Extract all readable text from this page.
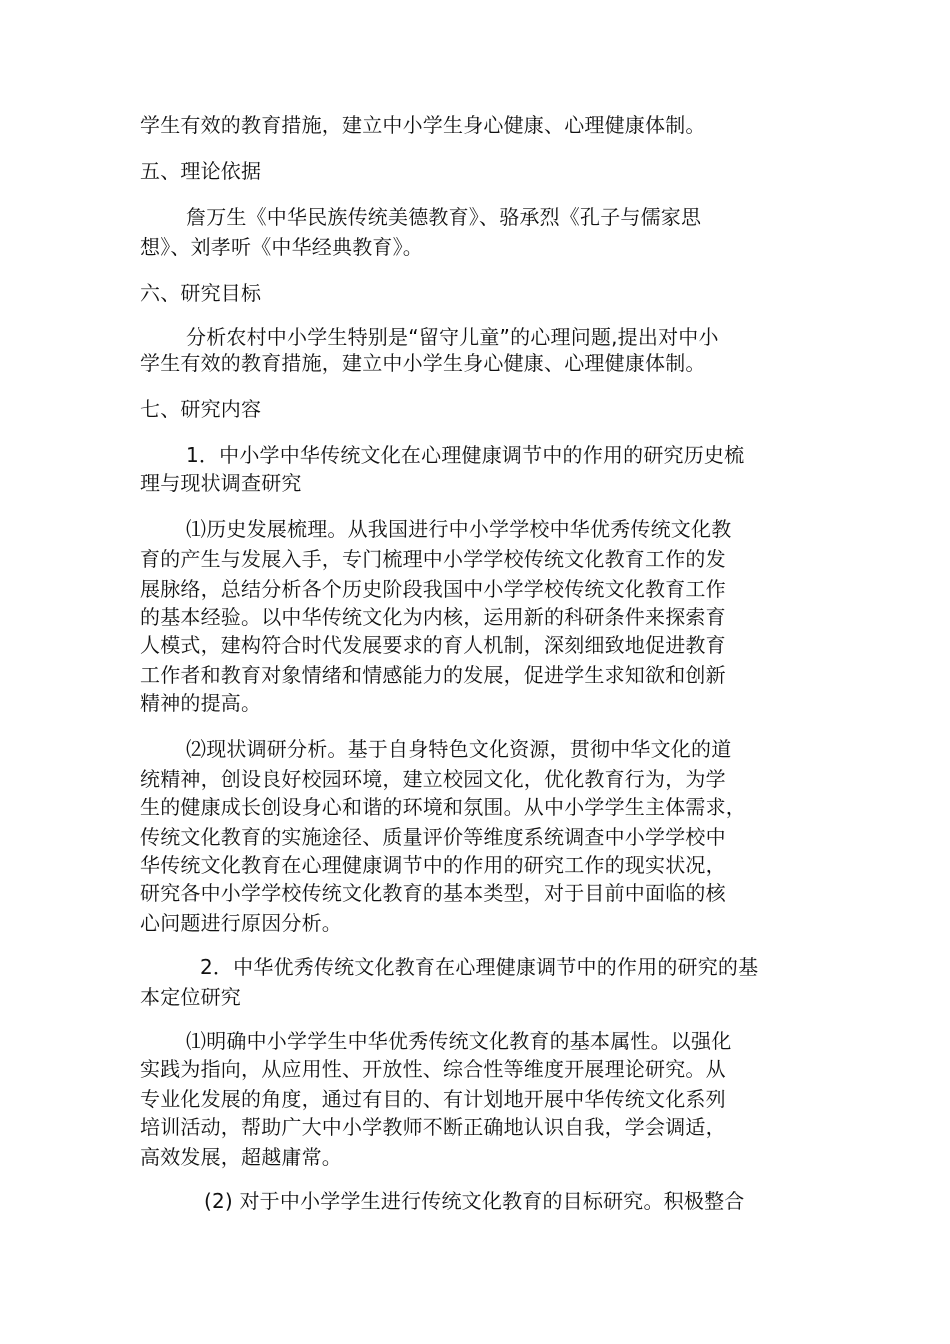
学生有效的教育措施，建立中小学生身心健康、心理健康体制。
五、理论依据
詹万生《中华民族传统美德教育》、骆承烈《孔子与儒家思
想》、刘孝听《中华经典教育》。
六、研究目标
分析农村中小学生特别是“留守儿童”的心理问题,提出对中小
学生有效的教育措施，建立中小学生身心健康、心理健康体制。
七、研究内容
1．中小学中华传统文化在心理健康调节中的作用的研究历史梳
理与现状调查研究
⑴历史发展梳理。从我国进行中小学学校中华优秀传统文化教
育的产生与发展入手，专门梳理中小学学校传统文化教育工作的发
展脉络，总结分析各个历史阶段我国中小学学校传统文化教育工作
的基本经验。以中华传统文化为内核，运用新的科研条件来探索育
人模式，建构符合时代发展要求的育人机制，深刻细致地促进教育
工作者和教育对象情绪和情感能力的发展，促进学生求知欲和创新
精神的提高。
⑵现状调研分析。基于自身特色文化资源，贯彻中华文化的道
统精神，创设良好校园环境，建立校园文化，优化教育行为，为学
生的健康成长创设身心和谐的环境和氛围。从中小学学生主体需求，
传统文化教育的实施途径、质量评价等维度系统调查中小学学校中
华传统文化教育在心理健康调节中的作用的研究工作的现实状况，
研究各中小学学校传统文化教育的基本类型，对于目前中面临的核
心问题进行原因分析。
2．中华优秀传统文化教育在心理健康调节中的作用的研究的基
本定位研究
⑴明确中小学学生中华优秀传统文化教育的基本属性。以强化
实践为指向，从应用性、开放性、综合性等维度开展理论研究。从
专业化发展的角度，通过有目的、有计划地开展中华传统文化系列
培训活动，帮助广大中小学教师不断正确地认识自我，学会调适，
高效发展，超越庸常。
(2) 对于中小学学生进行传统文化教育的目标研究。积极整合
